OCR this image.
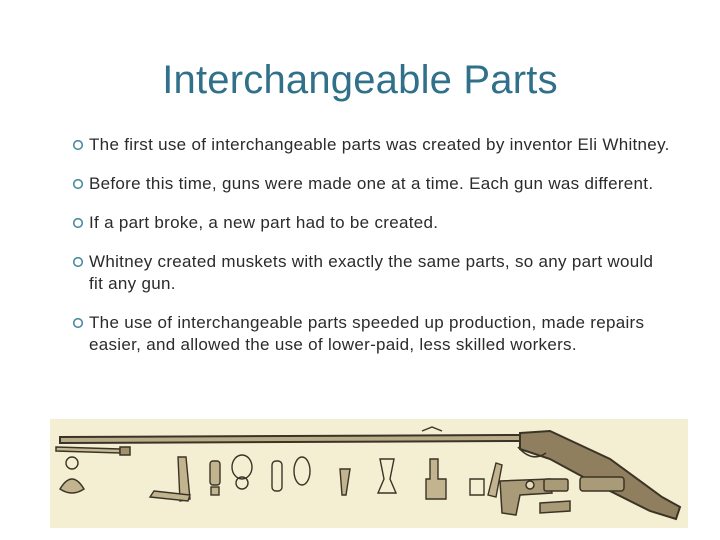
Interchangeable Parts
The first use of interchangeable parts was created by inventor Eli Whitney.
Before this time, guns were made one at a time. Each gun was different.
If a part broke, a new part had to be created.
Whitney created muskets with exactly the same parts, so any part would fit any gun.
The use of interchangeable parts speeded up production, made repairs easier, and allowed the use of lower-paid, less skilled workers.
